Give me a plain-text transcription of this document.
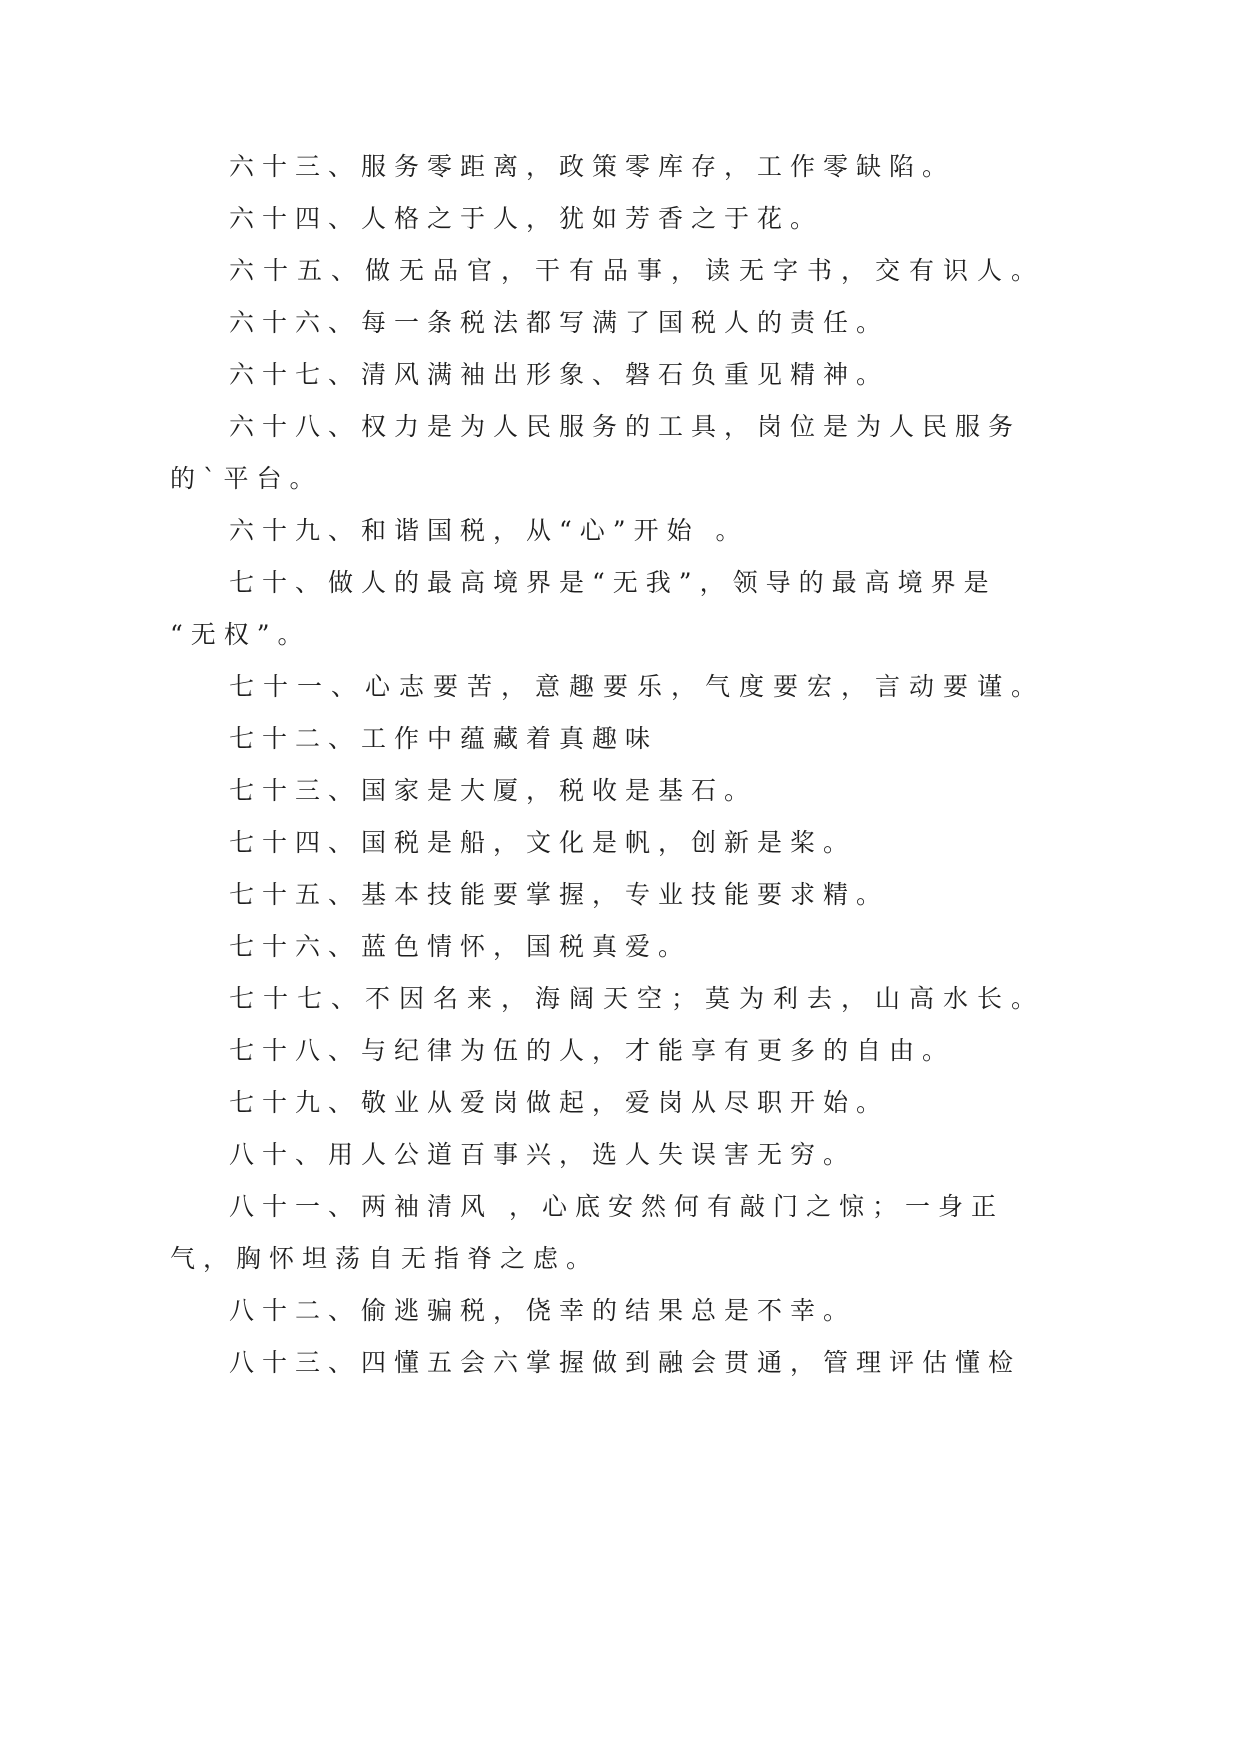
六十三、服务零距离，政策零库存，工作零缺陷。
六十四、人格之于人，犹如芳香之于花。
六十五、做无品官，干有品事，读无字书，交有识人。
六十六、每一条税法都写满了国税人的责任。
六十七、清风满袖出形象、磐石负重见精神。
六十八、权力是为人民服务的工具，岗位是为人民服务
的`平台。
六十九、和谐国税，从“心”开始 。
七十、做人的最高境界是“无我”，领导的最高境界是
“无权”。
七十一、心志要苦，意趣要乐，气度要宏，言动要谨。
七十二、工作中蕴藏着真趣味
七十三、国家是大厦，税收是基石。
七十四、国税是船，文化是帆，创新是桨。
七十五、基本技能要掌握，专业技能要求精。
七十六、蓝色情怀，国税真爱。
七十七、不因名来，海阔天空；莫为利去，山高水长。
七十八、与纪律为伍的人，才能享有更多的自由。
七十九、敬业从爱岗做起，爱岗从尽职开始。
八十、用人公道百事兴，选人失误害无穷。
八十一、两袖清风 ，心底安然何有敲门之惊；一身正
气，胸怀坦荡自无指脊之虑。
八十二、偷逃骗税，侥幸的结果总是不幸。
八十三、四懂五会六掌握做到融会贯通，管理评估懂检
